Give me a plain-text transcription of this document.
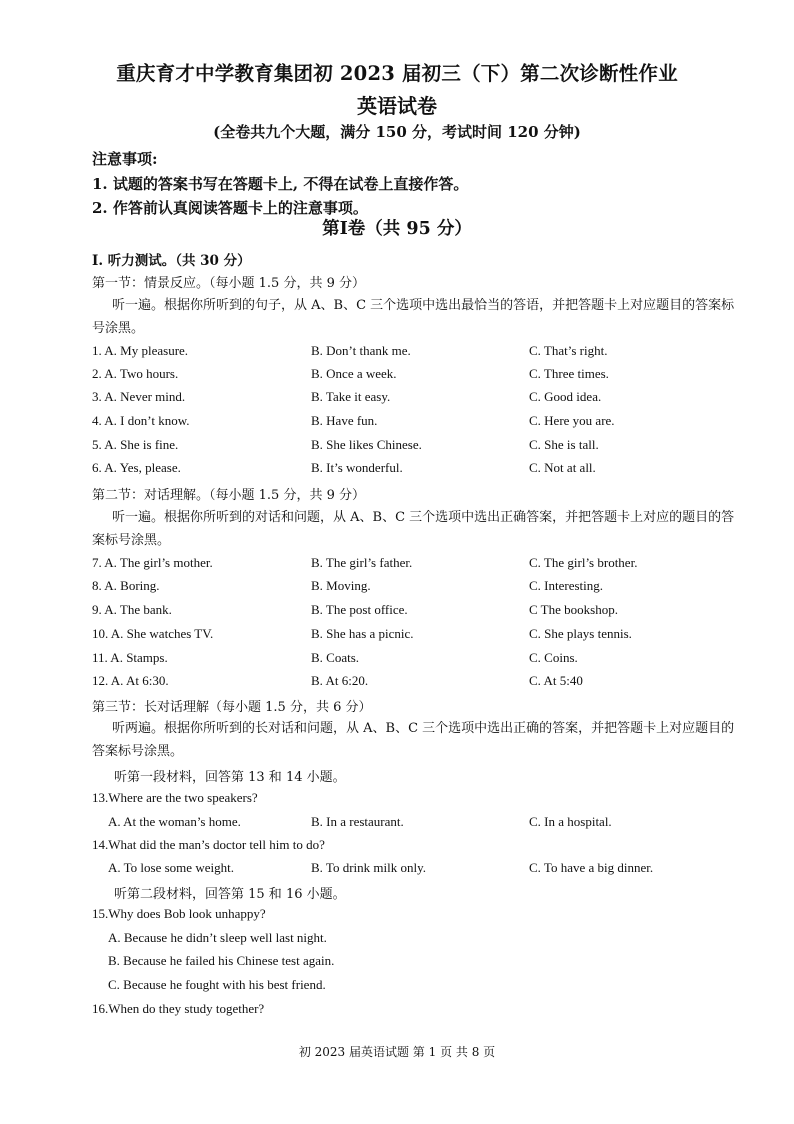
重庆育才中学教育集团初 2023 届初三（下）第二次诊断性作业
英语试卷
(全卷共九个大题，满分 150 分，考试时间 120 分钟)
注意事项:
1. 试题的答案书写在答题卡上, 不得在试卷上直接作答。
2. 作答前认真阅读答题卡上的注意事项。
第Ⅰ卷（共 95 分）
I. 听力测试。（共 30 分）
第一节：情景反应。（每小题 1.5 分，共 9 分）
听一遍。根据你所听到的句子，从 A、B、C 三个选项中选出最恰当的答语，并把答题卡上对应题目的答案标号涂黑。
1. A. My pleasure.	B. Don’t thank me.	C. That’s right.
2. A. Two hours.	B. Once a week.	C. Three times.
3. A. Never mind.	B. Take it easy.	C. Good idea.
4. A. I don’t know.	B. Have fun.	C. Here you are.
5. A. She is fine.	B. She likes Chinese.	C. She is tall.
6. A. Yes, please.	B. It’s wonderful.	C. Not at all.
第二节：对话理解。（每小题 1.5 分，共 9 分）
听一遍。根据你所听到的对话和问题，从 A、B、C 三个选项中选出正确答案，并把答题卡上对应的题目的答案标号涂黑。
7. A. The girl’s mother.	B. The girl’s father.	C. The girl’s brother.
8. A. Boring.	B. Moving.	C. Interesting.
9. A. The bank.	B. The post office.	C The bookshop.
10. A. She watches TV.	B. She has a picnic.	C. She plays tennis.
11. A. Stamps.	B. Coats.	C. Coins.
12. A. At 6:30.	B. At 6:20.	C. At 5:40
第三节：长对话理解（每小题 1.5 分，共 6 分）
听两遍。根据你所听到的长对话和问题，从 A、B、C 三个选项中选出正确的答案，并把答题卡上对应题目的答案标号涂黑。
听第一段材料，回答第 13 和 14 小题。
13.Where are the two speakers?
A. At the woman’s home.	B. In a restaurant.	C. In a hospital.
14.What did the man’s doctor tell him to do?
A. To lose some weight.	B. To drink milk only.	C. To have a big dinner.
听第二段材料，回答第 15 和 16 小题。
15.Why does Bob look unhappy?
A. Because he didn’t sleep well last night.
B. Because he failed his Chinese test again.
C. Because he fought with his best friend.
16.When do they study together?
初 2023 届英语试题 第 1 页 共 8 页
